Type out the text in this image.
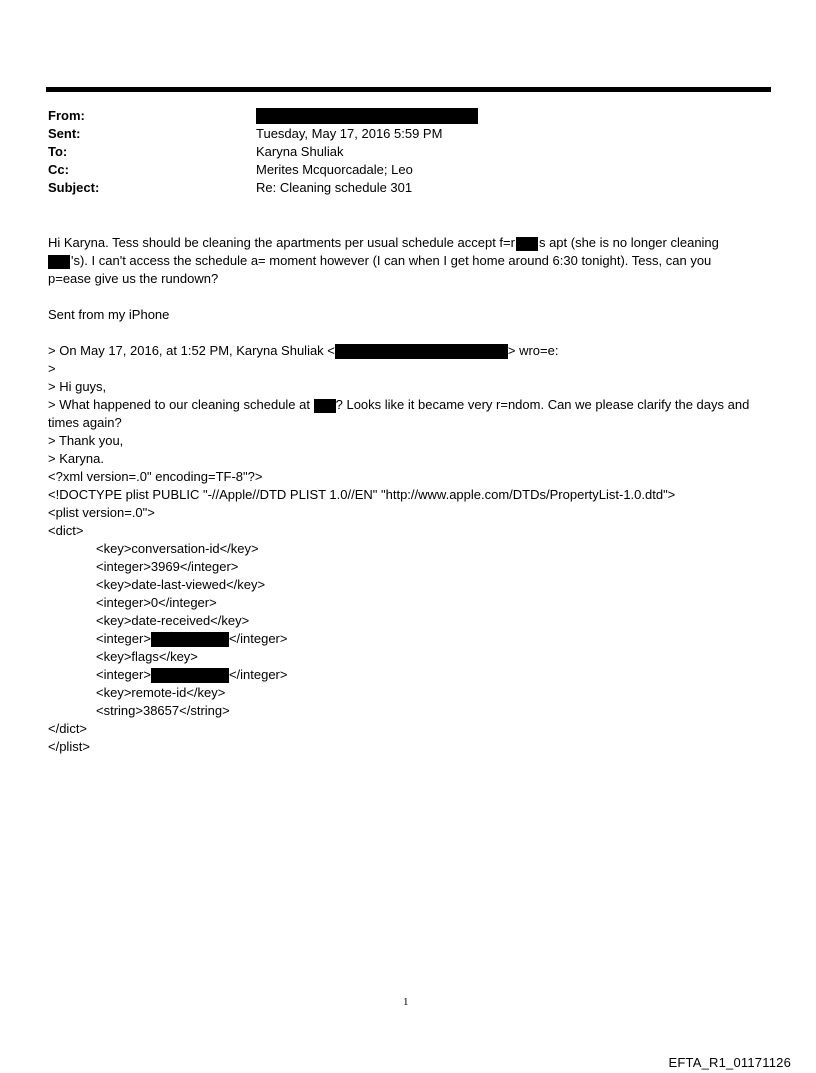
From:
Sent:	Tuesday, May 17, 2016 5:59 PM
To:	Karyna Shuliak
Cc:	Merites Mcquorcadale; Leo
Subject:	Re: Cleaning schedule 301
Hi Karyna. Tess should be cleaning the apartments per usual schedule accept f=r s apt (she is no longer cleaning
's). I can't access the schedule a= moment however (I can when I get home around 6:30 tonight). Tess, can you
p=ease give us the rundown?
Sent from my iPhone
> On May 17, 2016, at 1:52 PM, Karyna Shuliak <	> wro=e:
>
> Hi guys,
> What happened to our cleaning schedule at ? Looks like it became very r=ndom. Can we please clarify the days and
times again?
> Thank you,
> Karyna.
<?xml version=.0" encoding=TF-8"?>
<!DOCTYPE plist PUBLIC "-//Apple//DTD PLIST 1.0//EN" "http://www.apple.com/DTDs/PropertyList-1.0.dtd">
<plist version=.0">
<dict>
<key>conversation-id</key>
<integer>3969</integer>
<key>date-last-viewed</key>
<integer>0</integer>
<key>date-received</key>
<integer>	</integer>
<key>flags</key>
<integer>	</integer>
<key>remote-id</key>
<string>38657</string>
</dict>
</plist>
1
EFTA_R1_01171126
